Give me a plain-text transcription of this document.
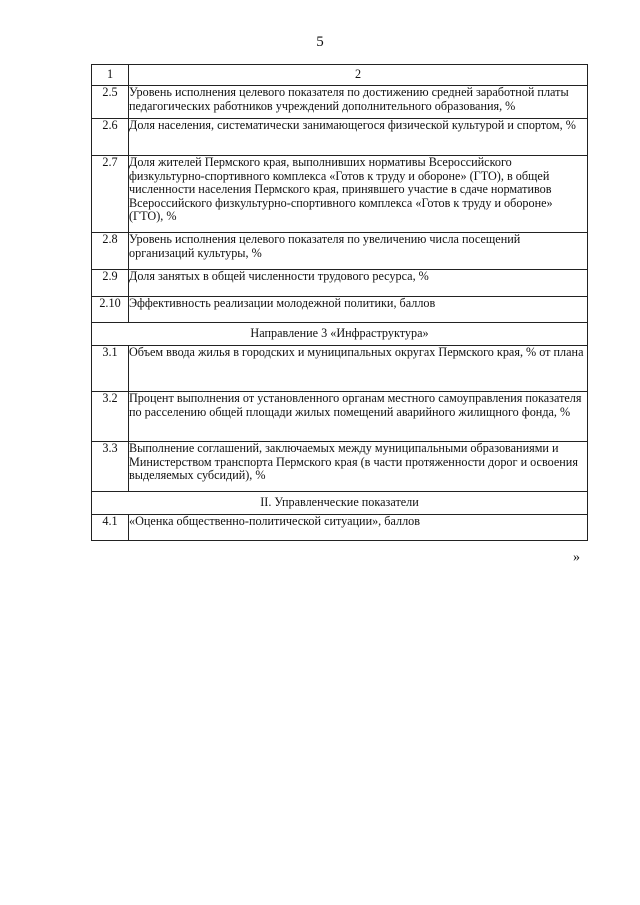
5
1	2
2.5	Уровень исполнения целевого показателя по достижению средней заработной платы педагогических работников учреждений дополнительного образования, %
2.6	Доля населения, систематически занимающегося физической культурой и спортом, %
2.7	Доля жителей Пермского края, выполнивших нормативы Всероссийского физкультурно-спортивного комплекса «Готов к труду и обороне» (ГТО), в общей численности населения Пермского края, принявшего участие в сдаче нормативов Всероссийского физкультурно-спортивного комплекса «Готов к труду и обороне» (ГТО), %
2.8	Уровень исполнения целевого показателя по увеличению числа посещений организаций культуры, %
2.9	Доля занятых в общей численности трудового ресурса, %
2.10	Эффективность реализации молодежной политики, баллов
Направление 3 «Инфраструктура»	
3.1	Объем ввода жилья в городских и муниципальных округах Пермского края, % от плана
3.2	Процент выполнения от установленного органам местного самоуправления показателя по расселению общей площади жилых помещений аварийного жилищного фонда, %
3.3	Выполнение соглашений, заключаемых между муниципальными образованиями и Министерством транспорта Пермского края (в части протяженности дорог и освоения выделяемых субсидий), %
II. Управленческие показатели	
4.1	«Оценка общественно-политической ситуации», баллов
»
